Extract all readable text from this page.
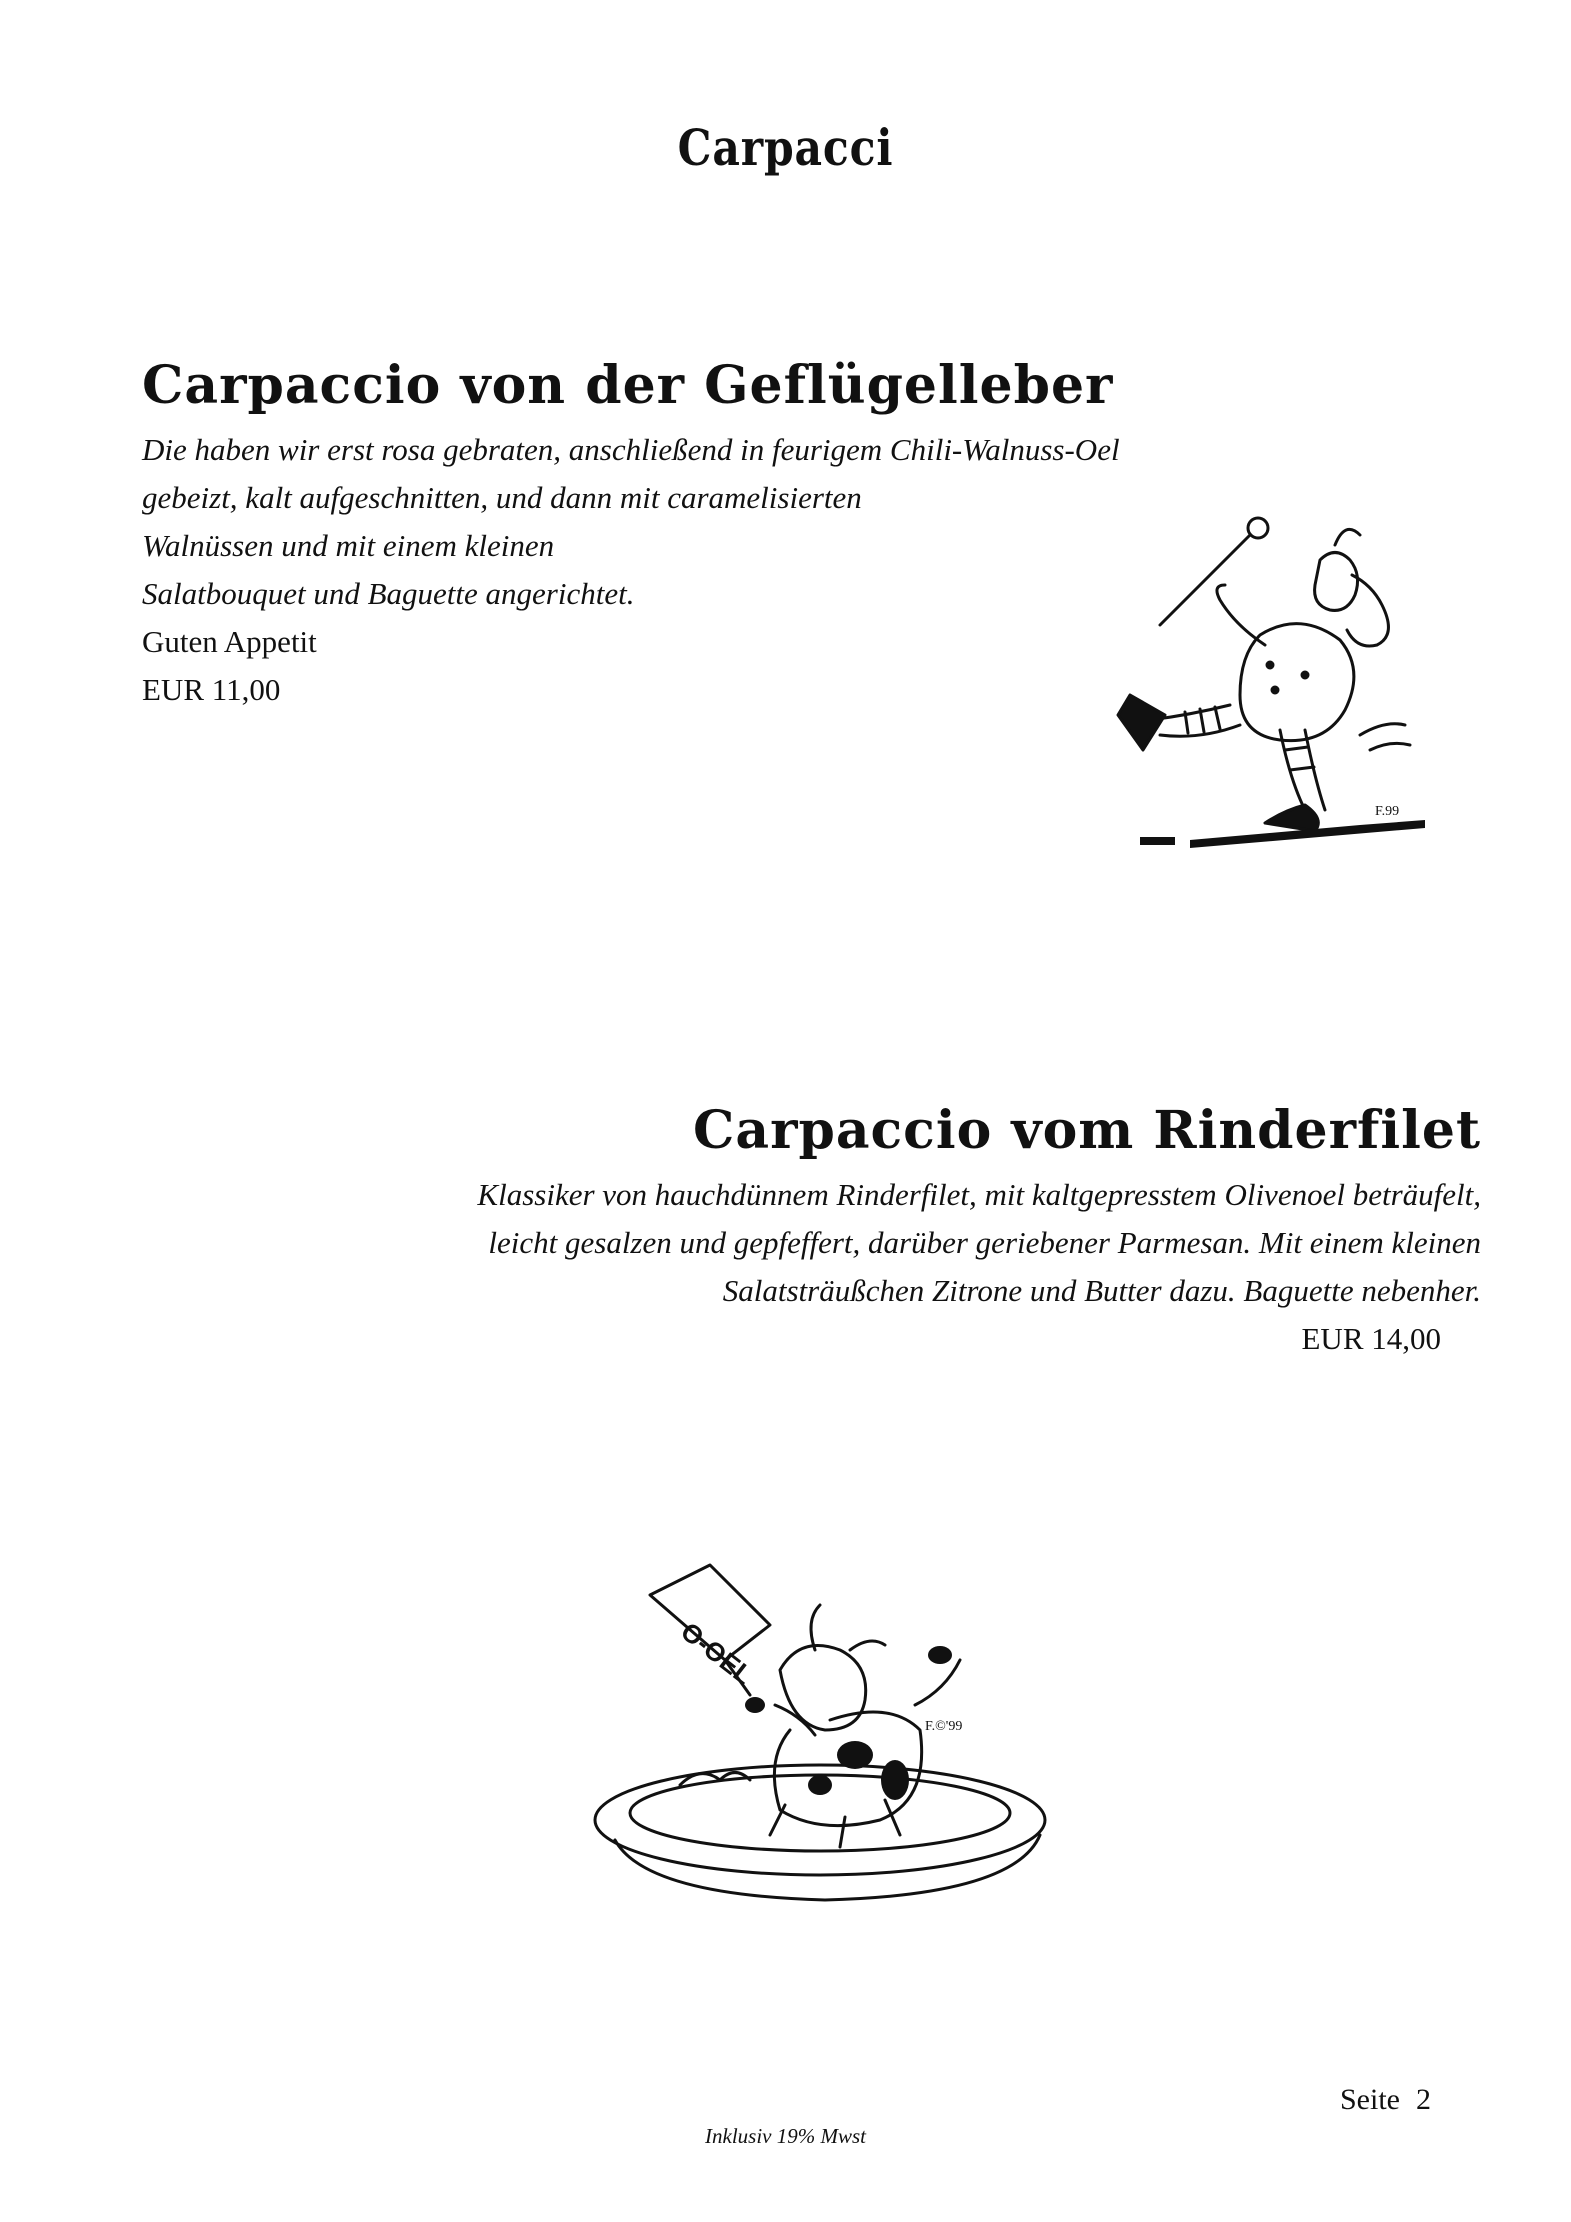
Carpacci
Carpaccio von der Geflügelleber
Die haben wir erst rosa gebraten, anschließend in feurigem Chili-Walnuss-Oel
gebeizt, kalt aufgeschnitten, und dann mit caramelisierten
Walnüssen und mit einem kleinen
Salatbouquet und Baguette angerichtet.
Guten Appetit
EUR 11,00
F.99
Carpaccio vom Rinderfilet
Klassiker von hauchdünnem Rinderfilet, mit kaltgepresstem Olivenoel beträufelt,
leicht gesalzen und gepfeffert, darüber geriebener Parmesan. Mit einem kleinen
Salatsträußchen Zitrone und Butter dazu. Baguette nebenher.
EUR 14,00
O-OEL
F.©'99
Seite 2
Inklusiv 19% Mwst
